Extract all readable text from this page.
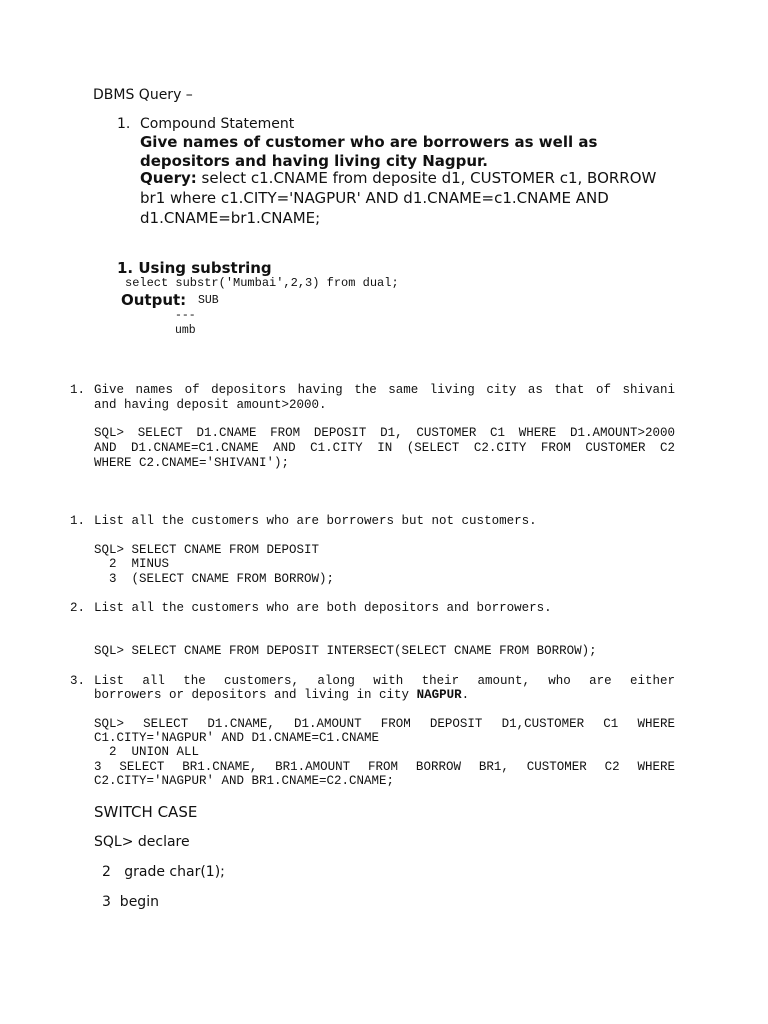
DBMS Query –
1. Compound Statement
Give names of customer who are borrowers as well as
depositors and having living city Nagpur.
Query: select c1.CNAME from deposite d1, CUSTOMER c1, BORROW
br1 where c1.CITY='NAGPUR' AND d1.CNAME=c1.CNAME AND
d1.CNAME=br1.CNAME;
1. Using substring
select substr('Mumbai',2,3) from dual;
Output: SUB
---
umb
1. Give names of depositors having the same living city as that of shivani
and having deposit amount>2000.
SQL> SELECT D1.CNAME FROM DEPOSIT D1, CUSTOMER C1 WHERE D1.AMOUNT>2000
AND D1.CNAME=C1.CNAME AND C1.CITY IN (SELECT C2.CITY FROM CUSTOMER C2
WHERE C2.CNAME='SHIVANI');
1. List all the customers who are borrowers but not customers.
SQL> SELECT CNAME FROM DEPOSIT
2  MINUS
3  (SELECT CNAME FROM BORROW);
2. List all the customers who are both depositors and borrowers.
SQL> SELECT CNAME FROM DEPOSIT INTERSECT(SELECT CNAME FROM BORROW);
3. List all the customers, along with their amount, who are either
borrowers or depositors and living in city NAGPUR.
SQL> SELECT D1.CNAME, D1.AMOUNT FROM DEPOSIT D1,CUSTOMER C1 WHERE
C1.CITY='NAGPUR' AND D1.CNAME=C1.CNAME
2  UNION ALL
3 SELECT BR1.CNAME, BR1.AMOUNT FROM BORROW BR1, CUSTOMER C2 WHERE
C2.CITY='NAGPUR' AND BR1.CNAME=C2.CNAME;
SWITCH CASE
SQL> declare
2   grade char(1);
3  begin
